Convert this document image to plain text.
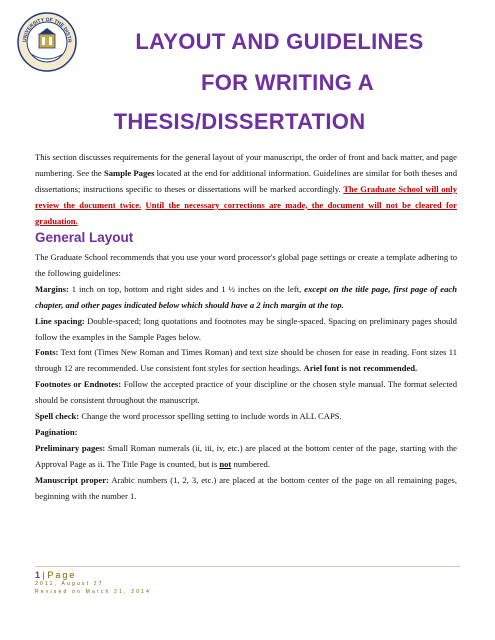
UNIVERSITY OF THE DISTR	LAYOUT AND GUIDELINES
FOR WRITING A
THESIS/DISSERTATION

This section discusses requirements for the general layout of your manuscript, the order of front and back matter, and page numbering. See the Sample Pages located at the end for additional information. Guidelines are similar for both theses and dissertations; instructions specific to theses or dissertations will be marked accordingly. The Graduate School will only review the document twice. Until the necessary corrections are made, the document will not be cleared for graduation.

General Layout

The Graduate School recommends that you use your word processor's global page settings or create a template adhering to the following guidelines:

Margins: 1 inch on top, bottom and right sides and 1 ½ inches on the left, except on the title page, first page of each chapter, and other pages indicated below which should have a 2 inch margin at the top.

Line spacing: Double-spaced; long quotations and footnotes may be single-spaced. Spacing on preliminary pages should follow the examples in the Sample Pages below.

Fonts: Text font (Times New Roman and Times Roman) and text size should be chosen for ease in reading. Font sizes 11 through 12 are recommended. Use consistent font styles for section headings. Ariel font is not recommended.

Footnotes or Endnotes: Follow the accepted practice of your discipline or the chosen style manual. The format selected should be consistent throughout the manuscript.

Spell check: Change the word processor spelling setting to include words in ALL CAPS.

Pagination:

Preliminary pages: Small Roman numerals (ii, iii, iv, etc.) are placed at the bottom center of the page, starting with the Approval Page as ii. The Title Page is counted, but is not numbered.

Manuscript proper: Arabic numbers (1, 2, 3, etc.) are placed at the bottom center of the page on all remaining pages, beginning with the number 1.

1 | Page
2011, August 27
Revised on March 21, 2014
